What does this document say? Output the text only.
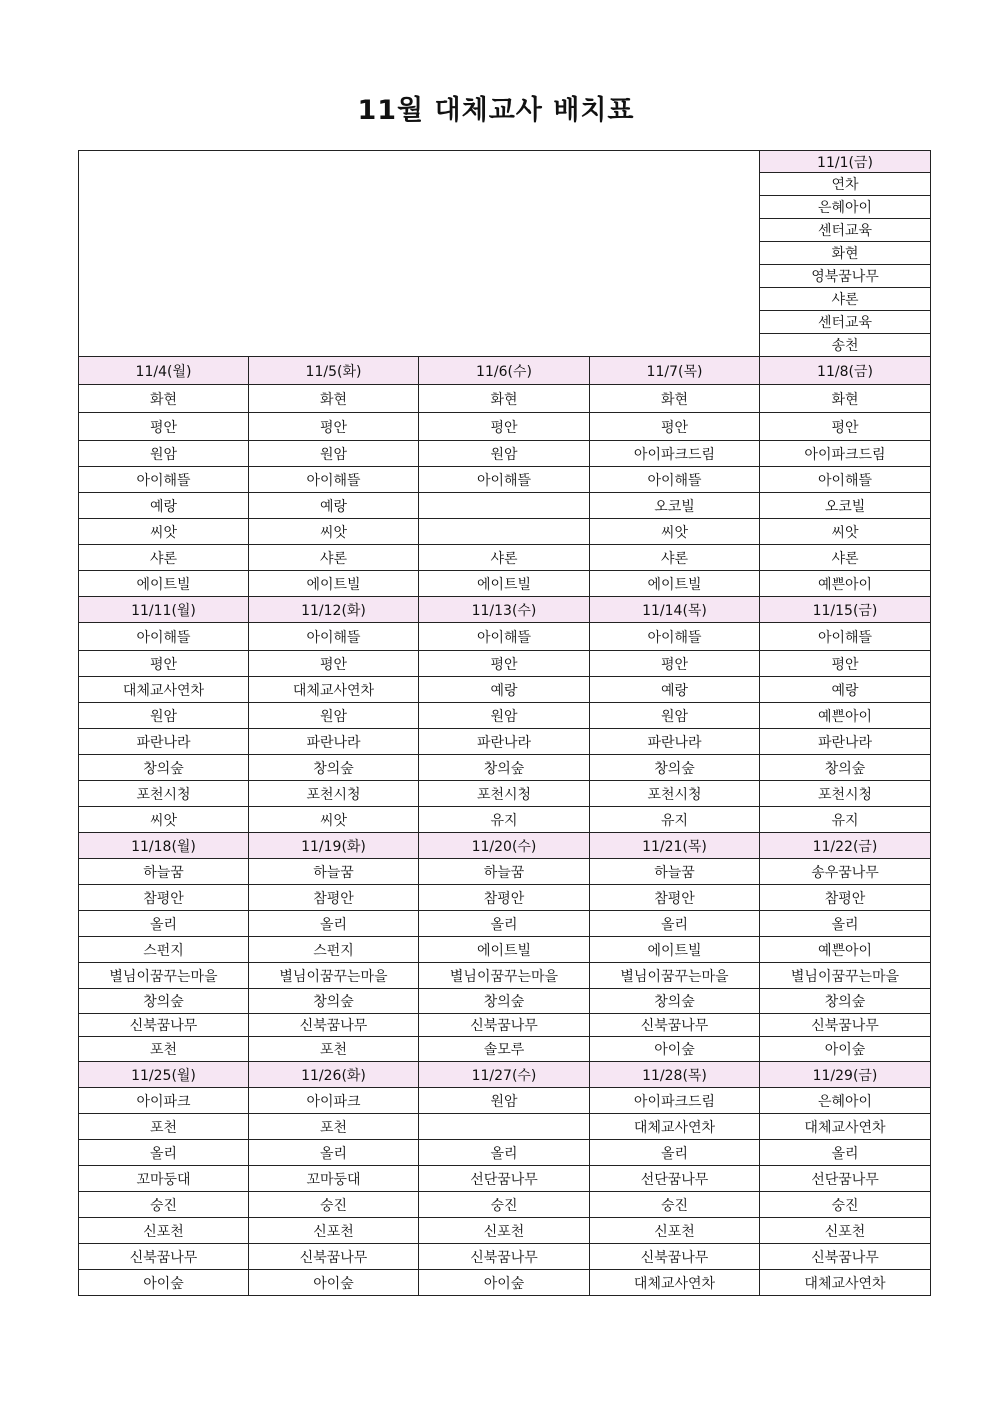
11월 대체교사 배치표
				11/1(금)
				연차
				은혜아이
				센터교육
				화현
				영북꿈나무
				샤론
				센터교육
				송천
11/4(월)	11/5(화)	11/6(수)	11/7(목)	11/8(금)
화현	화현	화현	화현	화현
평안	평안	평안	평안	평안
원암	원암	원암	아이파크드림	아이파크드림
아이해뜰	아이해뜰	아이해뜰	아이해뜰	아이해뜰
예랑	예랑		오코빌	오코빌
씨앗	씨앗		씨앗	씨앗
샤론	샤론	샤론	샤론	샤론
에이트빌	에이트빌	에이트빌	에이트빌	예쁜아이
11/11(월)	11/12(화)	11/13(수)	11/14(목)	11/15(금)
아이해뜰	아이해뜰	아이해뜰	아이해뜰	아이해뜰
평안	평안	평안	평안	평안
대체교사연차	대체교사연차	예랑	예랑	예랑
원암	원암	원암	원암	예쁜아이
파란나라	파란나라	파란나라	파란나라	파란나라
창의숲	창의숲	창의숲	창의숲	창의숲
포천시청	포천시청	포천시청	포천시청	포천시청
씨앗	씨앗	유지	유지	유지
11/18(월)	11/19(화)	11/20(수)	11/21(목)	11/22(금)
하늘꿈	하늘꿈	하늘꿈	하늘꿈	송우꿈나무
참평안	참평안	참평안	참평안	참평안
올리	올리	올리	올리	올리
스펀지	스펀지	에이트빌	에이트빌	예쁜아이
별님이꿈꾸는마을	별님이꿈꾸는마을	별님이꿈꾸는마을	별님이꿈꾸는마을	별님이꿈꾸는마을
창의숲	창의숲	창의숲	창의숲	창의숲
신북꿈나무	신북꿈나무	신북꿈나무	신북꿈나무	신북꿈나무
포천	포천	솔모루	아이숲	아이숲
11/25(월)	11/26(화)	11/27(수)	11/28(목)	11/29(금)
아이파크	아이파크	원암	아이파크드림	은혜아이
포천	포천		대체교사연차	대체교사연차
올리	올리	올리	올리	올리
꼬마둥대	꼬마둥대	선단꿈나무	선단꿈나무	선단꿈나무
숭진	숭진	숭진	숭진	숭진
신포천	신포천	신포천	신포천	신포천
신북꿈나무	신북꿈나무	신북꿈나무	신북꿈나무	신북꿈나무
아이숲	아이숲	아이숲	대체교사연차	대체교사연차
